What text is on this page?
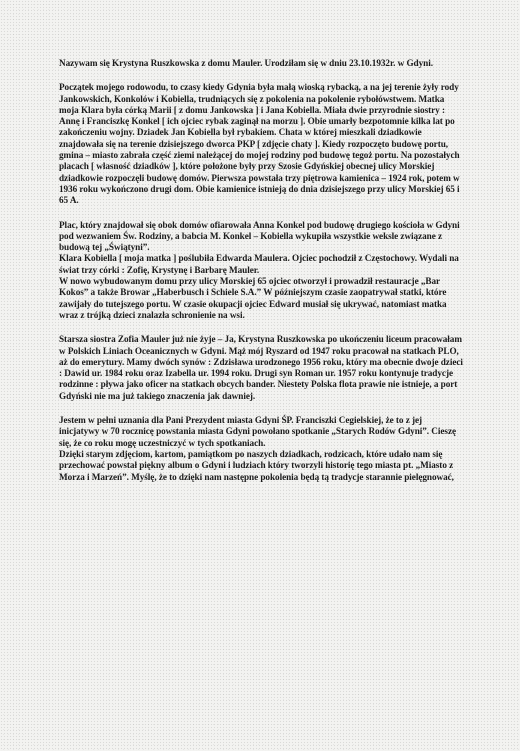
Nazywam się Krystyna Ruszkowska z domu Mauler. Urodziłam się w dniu 23.10.1932r. w Gdyni.

Początek mojego rodowodu, to czasy kiedy Gdynia była małą wioską rybacką, a na jej terenie żyły rody Jankowskich, Konkolów i Kobiella, trudniących się z pokolenia na pokolenie rybołówstwem. Matka moja Klara była córką Marii [ z domu Jankowska ] i Jana Kobiella. Miała dwie przyrodnie siostry : Annę i Franciszkę Konkel [ ich ojciec rybak zaginął na morzu ]. Obie umarły bezpotomnie kilka lat po zakończeniu wojny. Dziadek Jan Kobiella był rybakiem. Chata w której mieszkali dziadkowie znajdowała się na terenie dzisiejszego dworca PKP [ zdjęcie chaty ]. Kiedy rozpoczęto budowę portu, gmina – miasto zabrała część ziemi należącej do mojej rodziny pod budowę tegoż portu. Na pozostałych placach [ własność dziadków ], które położone były przy Szosie Gdyńskiej obecnej ulicy Morskiej dziadkowie rozpoczęli budowę domów. Pierwsza powstała trzy piętrowa kamienica – 1924 rok, potem w 1936 roku wykończono drugi dom. Obie kamienice istnieją do dnia dzisiejszego przy ulicy Morskiej 65 i 65 A.

Plac, który znajdował się obok domów ofiarowała Anna Konkel pod budowę drugiego kościoła w Gdyni pod wezwaniem Św. Rodziny, a babcia M. Konkel – Kobiella wykupiła wszystkie weksle związane z budową tej „Świątyni”.

Klara Kobiella [ moja matka ] poślubiła Edwarda Maulera. Ojciec pochodził z Częstochowy. Wydali na świat trzy córki : Zofię, Krystynę i Barbarę Mauler.

W nowo wybudowanym domu przy ulicy Morskiej 65 ojciec otworzył i prowadził restauracje „Bar Kokos” a także Browar „Haberbusch i Schiele S.A.” W późniejszym czasie zaopatrywał statki, które zawijały do tutejszego portu. W czasie okupacji ojciec Edward musiał się ukrywać, natomiast matka wraz z trójką dzieci znalazła schronienie na wsi.

Starsza siostra Zofia Mauler już nie żyje – Ja, Krystyna Ruszkowska po ukończeniu liceum pracowałam w Polskich Liniach Oceanicznych w Gdyni. Mąż mój Ryszard od 1947 roku pracował na statkach PLO, aż do emerytury. Mamy dwóch synów : Zdzisława urodzonego 1956 roku, który ma obecnie dwoje dzieci : Dawid ur. 1984 roku oraz Izabella ur. 1994 roku. Drugi syn Roman ur. 1957 roku kontynuje tradycje rodzinne : pływa jako oficer na statkach obcych bander. Niestety Polska flota prawie nie istnieje, a port Gdyński nie ma już takiego znaczenia jak dawniej.

Jestem w pełni uznania dla Pani Prezydent miasta Gdyni ŚP. Franciszki Cegielskiej, że to z jej inicjatywy w 70 rocznicę powstania miasta Gdyni powołano spotkanie „Starych Rodów Gdyni”. Cieszę się, że co roku mogę uczestniczyć w tych spotkaniach.

Dzięki starym zdjęciom, kartom, pamiątkom po naszych dziadkach, rodzicach, które udało nam się przechować powstał piękny album o Gdyni i ludziach który tworzyli historię tego miasta pt. „Miasto z Morza i Marzeń”. Myślę, że to dzięki nam następne pokolenia będą tą tradycje starannie pielęgnować,
